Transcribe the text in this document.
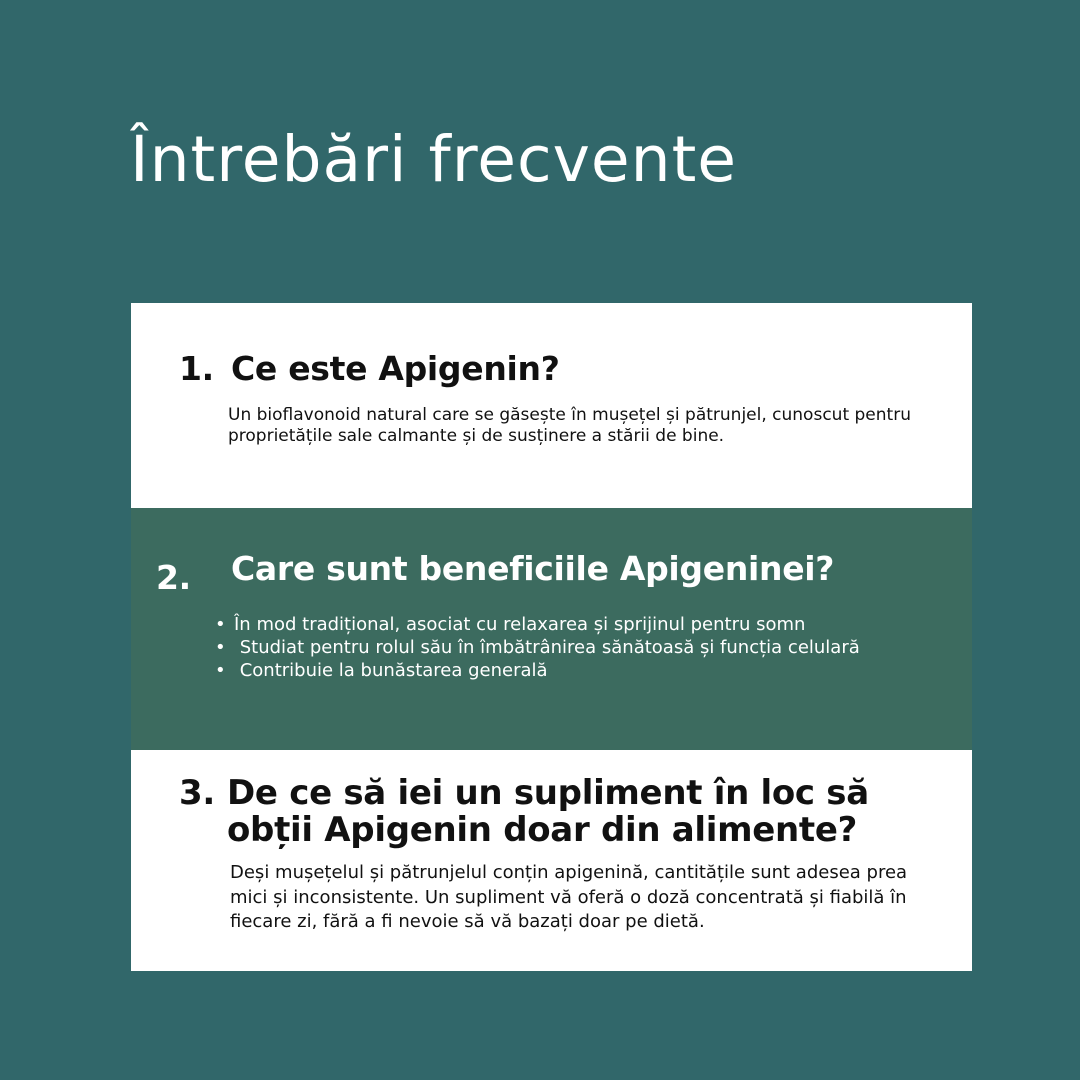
Întrebări frecvente
1. Ce este Apigenin?
Un bioflavonoid natural care se găsește în mușețel și pătrunjel, cunoscut pentru proprietățile sale calmante și de susținere a stării de bine.
2. Care sunt beneficiile Apigeninei?
• În mod tradițional, asociat cu relaxarea și sprijinul pentru somn
• Studiat pentru rolul său în îmbătrânirea sănătoasă și funcția celulară
• Contribuie la bunăstarea generală
3. De ce să iei un supliment în loc să obții Apigenin doar din alimente?
Deși mușețelul și pătrunjelul conțin apigenină, cantitățile sunt adesea prea mici și inconsistente. Un supliment vă oferă o doză concentrată și fiabilă în fiecare zi, fără a fi nevoie să vă bazați doar pe dietă.
